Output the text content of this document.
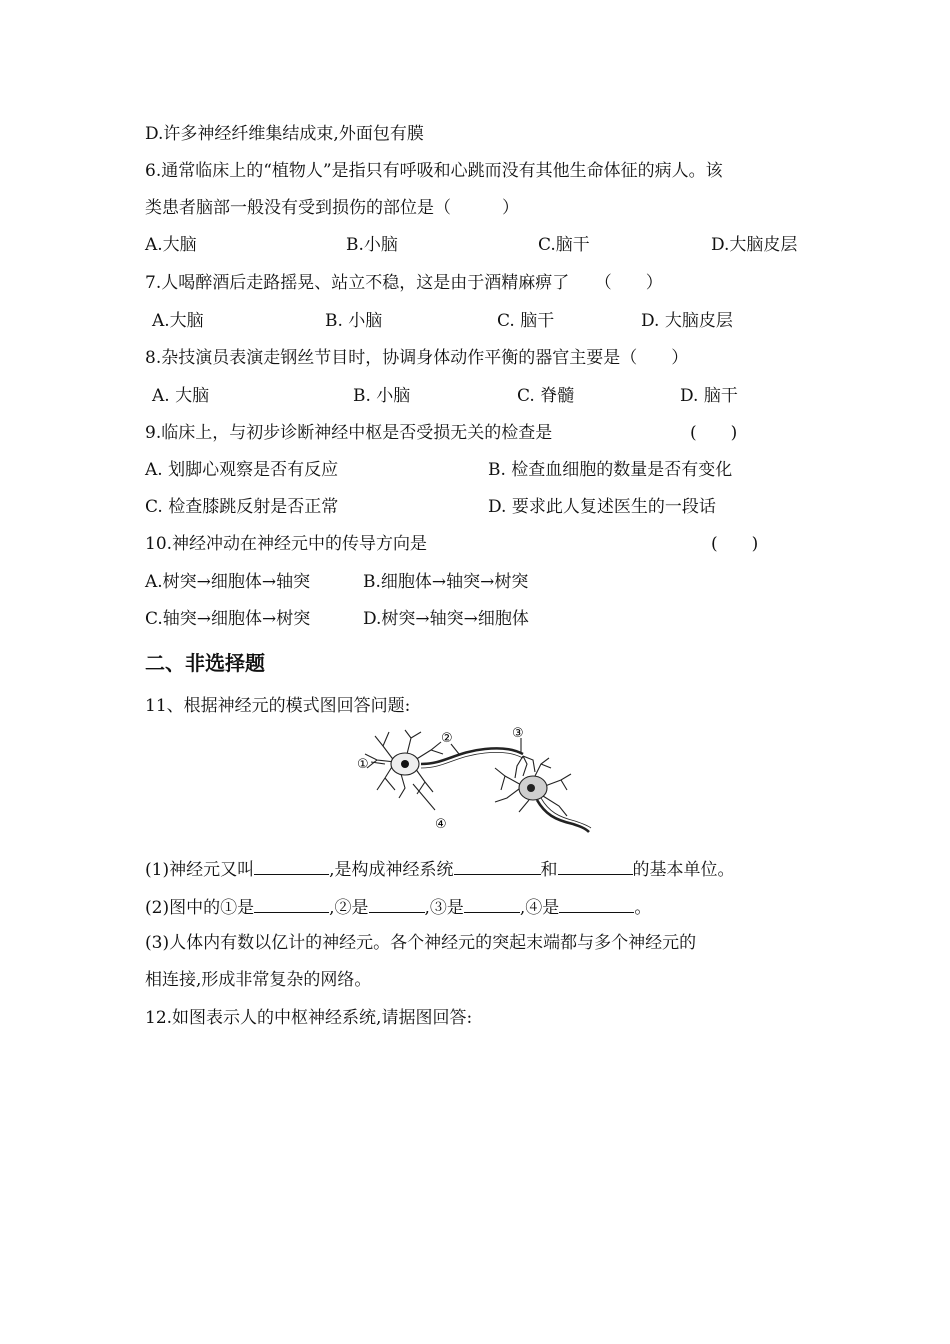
D.许多神经纤维集结成束,外面包有膜
6.通常临床上的“植物人”是指只有呼吸和心跳而没有其他生命体征的病人。该
类患者脑部一般没有受到损伤的部位是（　　　）
A.大脑	B.小脑	C.脑干	D.大脑皮层
7.人喝醉酒后走路摇晃、站立不稳，这是由于酒精麻痹了　　（　　）
A.大脑	B. 小脑	C. 脑干	D. 大脑皮层
8.杂技演员表演走钢丝节目时，协调身体动作平衡的器官主要是（　　）
A. 大脑	B. 小脑	C. 脊髓	D. 脑干
9.临床上，与初步诊断神经中枢是否受损无关的检查是	(　　)
A. 划脚心观察是否有反应	B. 检查血细胞的数量是否有变化
C. 检查膝跳反射是否正常	D. 要求此人复述医生的一段话
10.神经冲动在神经元中的传导方向是	(　　)
A.树突→细胞体→轴突	B.细胞体→轴突→树突
C.轴突→细胞体→树突	D.树突→轴突→细胞体
二、非选择题
11、根据神经元的模式图回答问题:
①
②	③
④
(1)神经元又叫	,是构成神经系统	和	的基本单位。
(2)图中的①是	,②是	,③是	,④是	。
(3)人体内有数以亿计的神经元。各个神经元的突起末端都与多个神经元的
相连接,形成非常复杂的网络。
12.如图表示人的中枢神经系统,请据图回答:
